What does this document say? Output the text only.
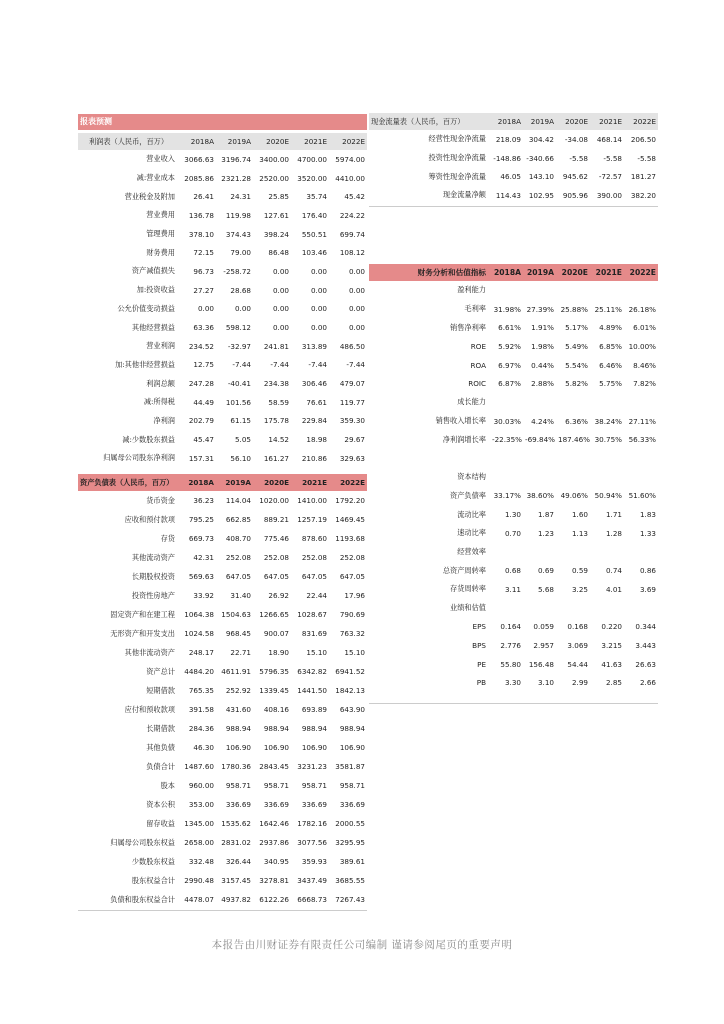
报表预测
利润表（人民币，百万）	2018A	2019A	2020E	2021E	2022E
营业收入	3066.63	3196.74	3400.00	4700.00	5974.00
减:营业成本	2085.86	2321.28	2520.00	3520.00	4410.00
营业税金及附加	26.41	24.31	25.85	35.74	45.42
营业费用	136.78	119.98	127.61	176.40	224.22
管理费用	378.10	374.43	398.24	550.51	699.74
财务费用	72.15	79.00	86.48	103.46	108.12
资产减值损失	96.73	-258.72	0.00	0.00	0.00
加:投资收益	27.27	28.68	0.00	0.00	0.00
公允价值变动损益	0.00	0.00	0.00	0.00	0.00
其他经营损益	63.36	598.12	0.00	0.00	0.00
营业利润	234.52	-32.97	241.81	313.89	486.50
加:其他非经营损益	12.75	-7.44	-7.44	-7.44	-7.44
利润总额	247.28	-40.41	234.38	306.46	479.07
减:所得税	44.49	101.56	58.59	76.61	119.77
净利润	202.79	61.15	175.78	229.84	359.30
减:少数股东损益	45.47	5.05	14.52	18.98	29.67
归属母公司股东净利润	157.31	56.10	161.27	210.86	329.63
资产负债表（人民币，百万）	2018A	2019A	2020E	2021E	2022E
货币资金	36.23	114.04	1020.00	1410.00	1792.20
应收和预付款项	795.25	662.85	889.21	1257.19	1469.45
存货	669.73	408.70	775.46	878.60	1193.68
其他流动资产	42.31	252.08	252.08	252.08	252.08
长期股权投资	569.63	647.05	647.05	647.05	647.05
投资性房地产	33.92	31.40	26.92	22.44	17.96
固定资产和在建工程	1064.38	1504.63	1266.65	1028.67	790.69
无形资产和开发支出	1024.58	968.45	900.07	831.69	763.32
其他非流动资产	248.17	22.71	18.90	15.10	15.10
资产总计	4484.20	4611.91	5796.35	6342.82	6941.52
短期借款	765.35	252.92	1339.45	1441.50	1842.13
应付和预收款项	391.58	431.60	408.16	693.89	643.90
长期借款	284.36	988.94	988.94	988.94	988.94
其他负债	46.30	106.90	106.90	106.90	106.90
负债合计	1487.60	1780.36	2843.45	3231.23	3581.87
股本	960.00	958.71	958.71	958.71	958.71
资本公积	353.00	336.69	336.69	336.69	336.69
留存收益	1345.00	1535.62	1642.46	1782.16	2000.55
归属母公司股东权益	2658.00	2831.02	2937.86	3077.56	3295.95
少数股东权益	332.48	326.44	340.95	359.93	389.61
股东权益合计	2990.48	3157.45	3278.81	3437.49	3685.55
负债和股东权益合计	4478.07	4937.82	6122.26	6668.73	7267.43
现金流量表（人民币，百万）	2018A	2019A	2020E	2021E	2022E
经营性现金净流量	218.09	304.42	-34.08	468.14	206.50
投资性现金净流量	-148.86	-340.66	-5.58	-5.58	-5.58
筹资性现金净流量	46.05	143.10	945.62	-72.57	181.27
现金流量净额	114.43	102.95	905.96	390.00	382.20
财务分析和估值指标	2018A	2019A	2020E	2021E	2022E
盈利能力					
毛利率	31.98%	27.39%	25.88%	25.11%	26.18%
销售净利率	6.61%	1.91%	5.17%	4.89%	6.01%
ROE	5.92%	1.98%	5.49%	6.85%	10.00%
ROA	6.97%	0.44%	5.54%	6.46%	8.46%
ROIC	6.87%	2.88%	5.82%	5.75%	7.82%
成长能力					
销售收入增长率	30.03%	4.24%	6.36%	38.24%	27.11%
净利润增长率	-22.35%	-69.84%	187.46%	30.75%	56.33%

资本结构					
资产负债率	33.17%	38.60%	49.06%	50.94%	51.60%
流动比率	1.30	1.87	1.60	1.71	1.83
速动比率	0.70	1.23	1.13	1.28	1.33
经营效率					
总资产周转率	0.68	0.69	0.59	0.74	0.86
存货周转率	3.11	5.68	3.25	4.01	3.69
业绩和估值					
EPS	0.164	0.059	0.168	0.220	0.344
BPS	2.776	2.957	3.069	3.215	3.443
PE	55.80	156.48	54.44	41.63	26.63
PB	3.30	3.10	2.99	2.85	2.66
本报告由川财证券有限责任公司编制 谨请参阅尾页的重要声明
